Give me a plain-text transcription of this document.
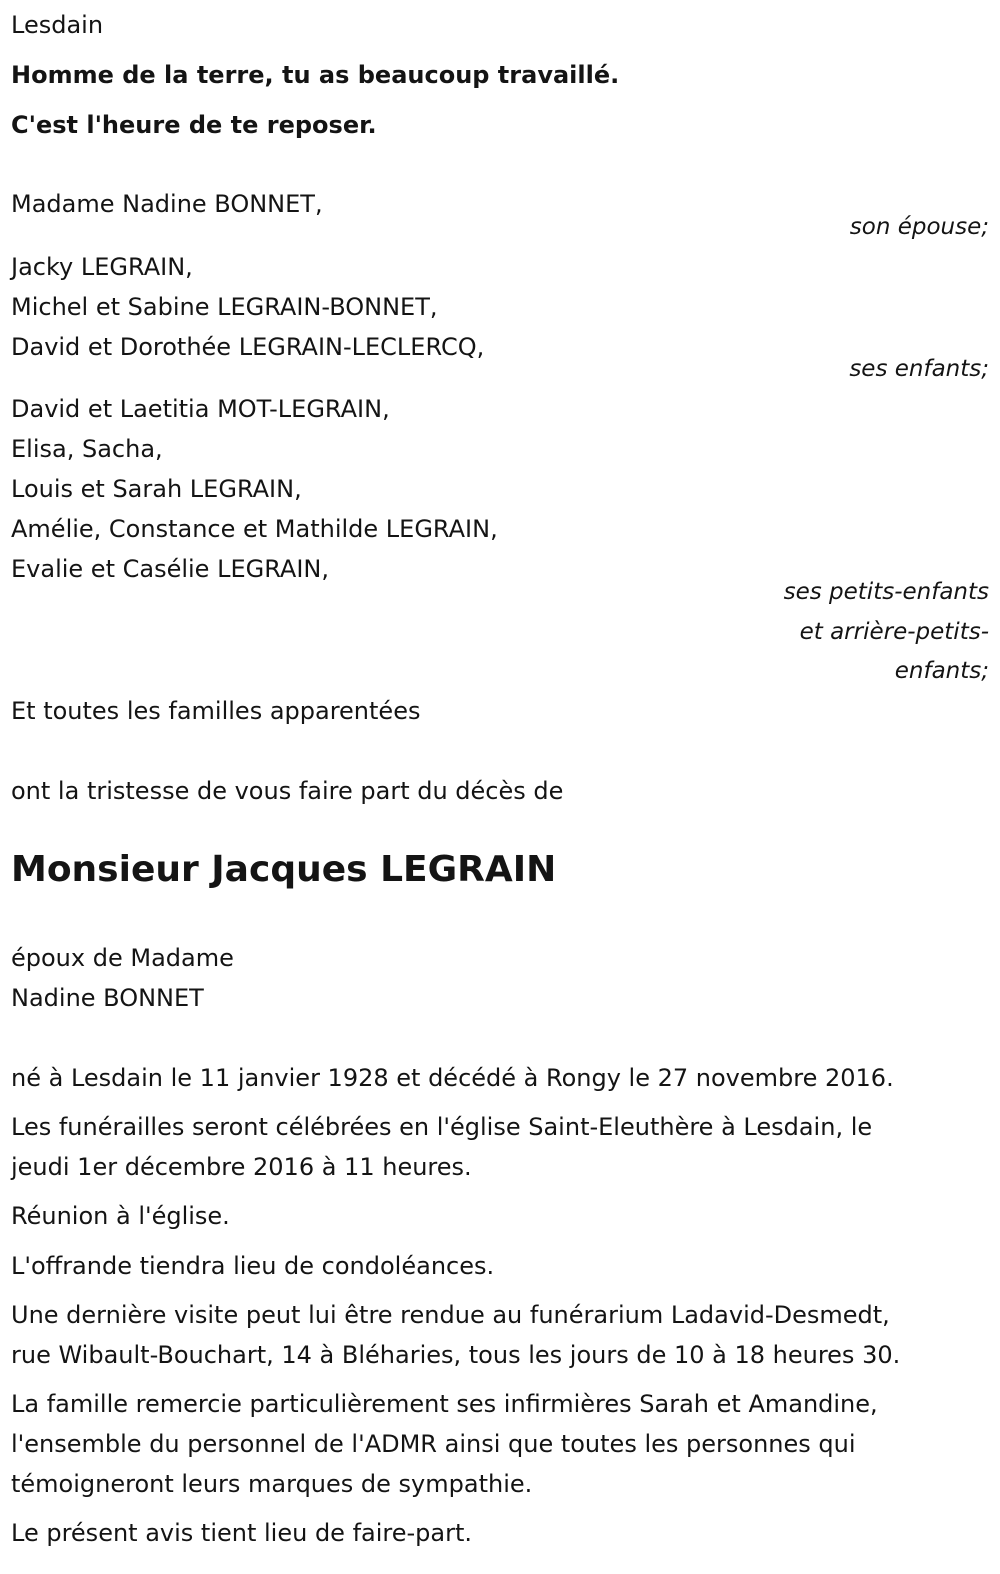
Lesdain
Homme de la terre, tu as beaucoup travaillé.
C'est l'heure de te reposer.
Madame Nadine BONNET,
son épouse;
Jacky LEGRAIN,
Michel et Sabine LEGRAIN-BONNET,
David et Dorothée LEGRAIN-LECLERCQ,
ses enfants;
David et Laetitia MOT-LEGRAIN,
Elisa, Sacha,
Louis et Sarah LEGRAIN,
Amélie, Constance et Mathilde LEGRAIN,
Evalie et Casélie LEGRAIN,
ses petits-enfants
et arrière-petits-
enfants;
Et toutes les familles apparentées
ont la tristesse de vous faire part du décès de
Monsieur Jacques LEGRAIN
époux de Madame
Nadine BONNET
né à Lesdain le 11 janvier 1928 et décédé à Rongy le 27 novembre 2016.
Les funérailles seront célébrées en l'église Saint-Eleuthère à Lesdain, le
jeudi 1er décembre 2016 à 11 heures.
Réunion à l'église.
L'offrande tiendra lieu de condoléances.
Une dernière visite peut lui être rendue au funérarium Ladavid-Desmedt,
rue Wibault-Bouchart, 14 à Bléharies, tous les jours de 10 à 18 heures 30.
La famille remercie particulièrement ses infirmières Sarah et Amandine,
l'ensemble du personnel de l'ADMR ainsi que toutes les personnes qui
témoigneront leurs marques de sympathie.
Le présent avis tient lieu de faire-part.
